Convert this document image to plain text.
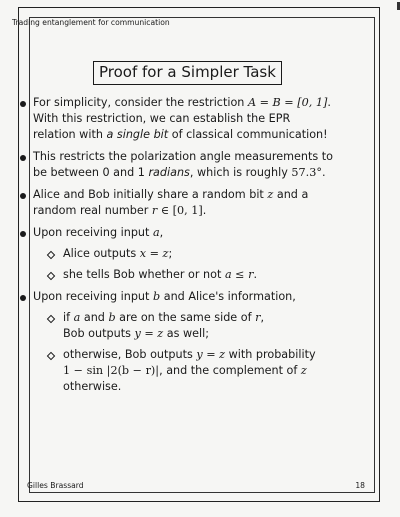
Trading entanglement for communication
Proof for a Simpler Task
For simplicity, consider the restriction A = B = [0, 1].
With this restriction, we can establish the EPR
relation with a single bit of classical communication!
This restricts the polarization angle measurements to
be between 0 and 1 radians, which is roughly 57.3°.
Alice and Bob initially share a random bit z and a
random real number r ∈ [0, 1].
Upon receiving input a,
Alice outputs x = z;
she tells Bob whether or not a ≤ r.
Upon receiving input b and Alice's information,
if a and b are on the same side of r,
Bob outputs y = z as well;
otherwise, Bob outputs y = z with probability
1 − sin |2(b − r)|, and the complement of z
otherwise.
Gilles Brassard	18
